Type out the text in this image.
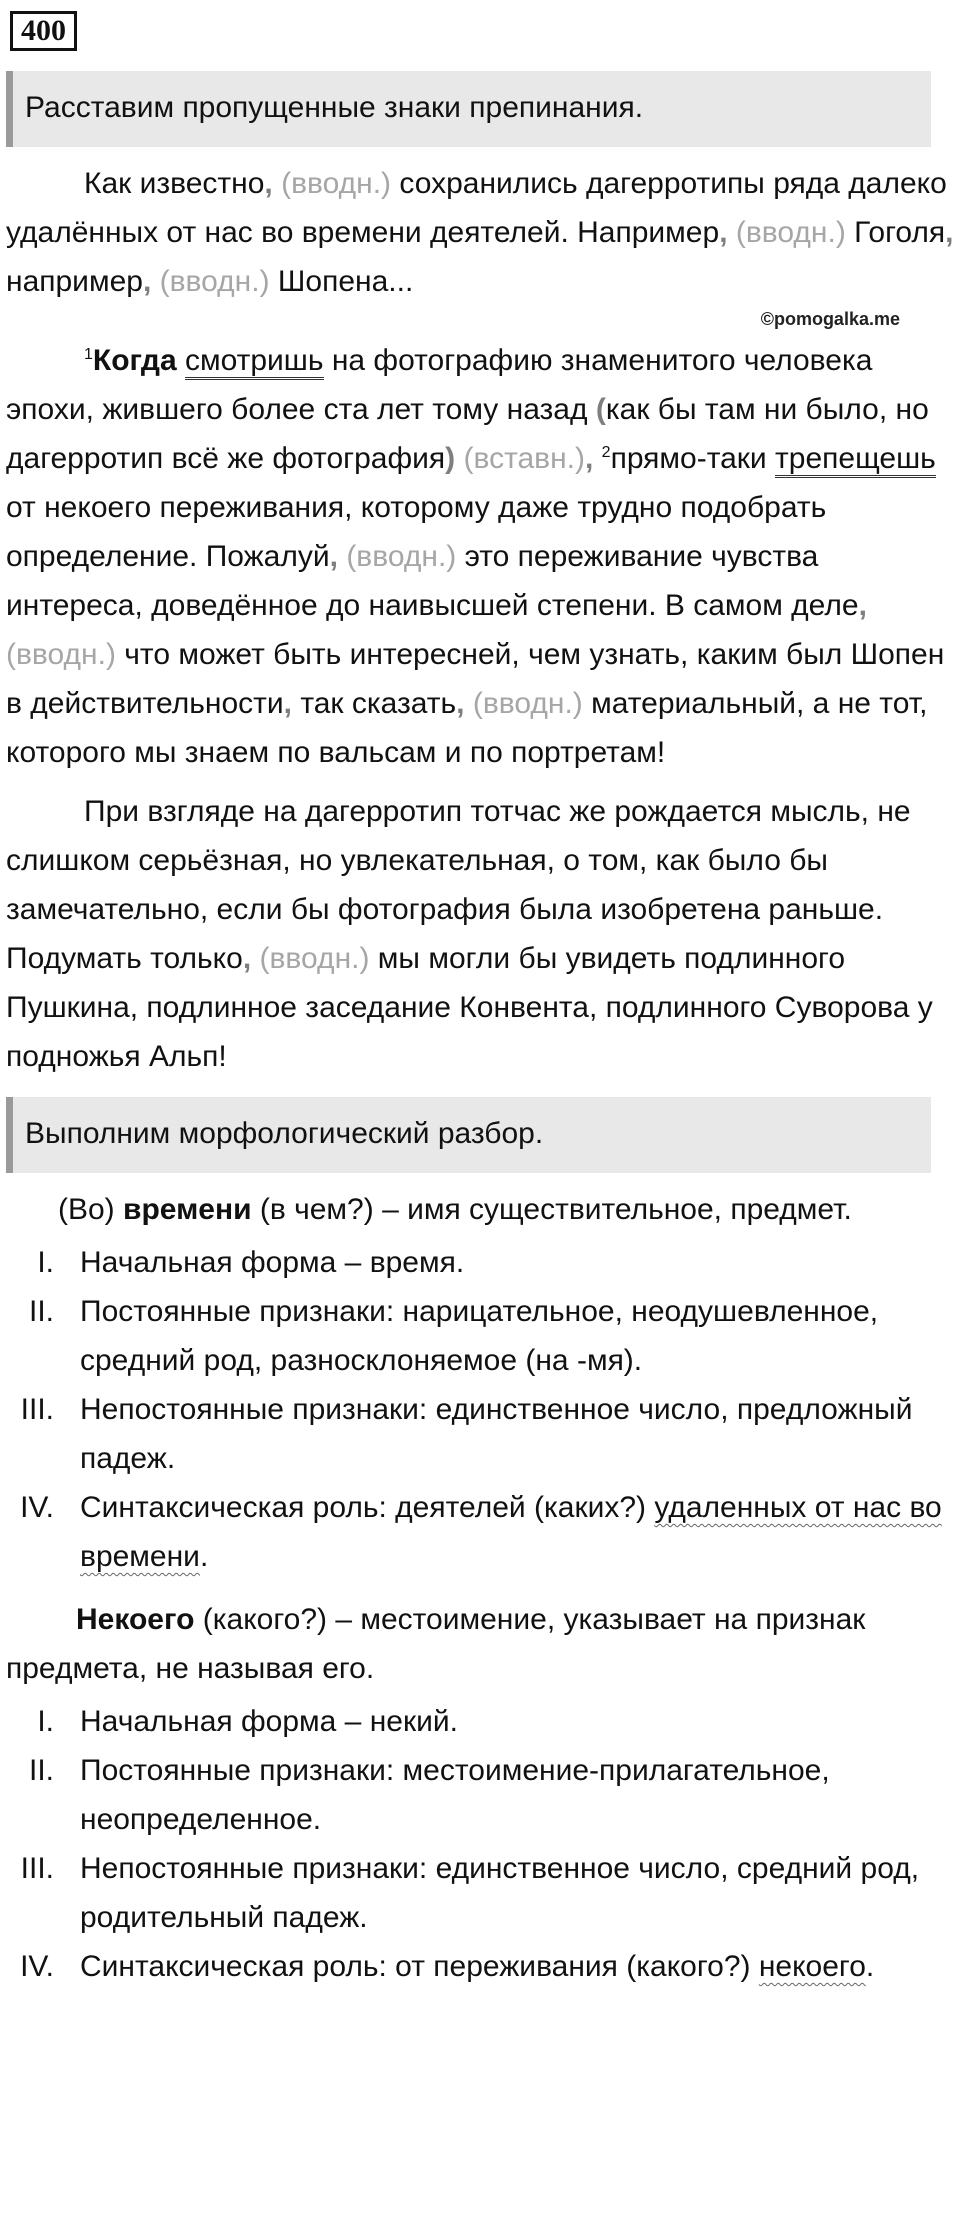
400
Расставим пропущенные знаки препинания.

Как известно, (вводн.) сохранились дагерротипы ряда далеко удалённых от нас во времени деятелей. Например, (вводн.) Гоголя, например, (вводн.) Шопена...

©pomogalka.me

$^1$Когда смотришь на фотографию знаменитого человека эпохи, жившего более ста лет тому назад (как бы там ни было, но дагерротип всё же фотография) (вставн.), $^2$прямо-таки трепещешь от некоего переживания, которому даже трудно подобрать определение. Пожалуй, (вводн.) это переживание чувства интереса, доведённое до наивысшей степени. В самом деле, (вводн.) что может быть интересней, чем узнать, каким был Шопен в действительности, так сказать, (вводн.) материальный, а не тот, которого мы знаем по вальсам и по портретам!

При взгляде на дагерротип тотчас же рождается мысль, не слишком серьёзная, но увлекательная, о том, как было бы замечательно, если бы фотография была изобретена раньше. Подумать только, (вводн.) мы могли бы увидеть подлинного Пушкина, подлинное заседание Конвента, подлинного Суворова у подножья Альп!

Выполним морфологический разбор.

(Во) времени (в чем?) – имя существительное, предмет.

I. Начальная форма – время.
II. Постоянные признаки: нарицательное, неодушевленное, средний род, разносклоняемое (на -мя).
III. Непостоянные признаки: единственное число, предложный падеж.
IV. Синтаксическая роль: деятелей (каких?) удаленных от нас во времени.

Некоего (какого?) – местоимение, указывает на признак предмета, не называя его.

I. Начальная форма – некий.
II. Постоянные признаки: местоимение-прилагательное, неопределенное.
III. Непостоянные признаки: единственное число, средний род, родительный падеж.
IV. Синтаксическая роль: от переживания (какого?) некоего.
